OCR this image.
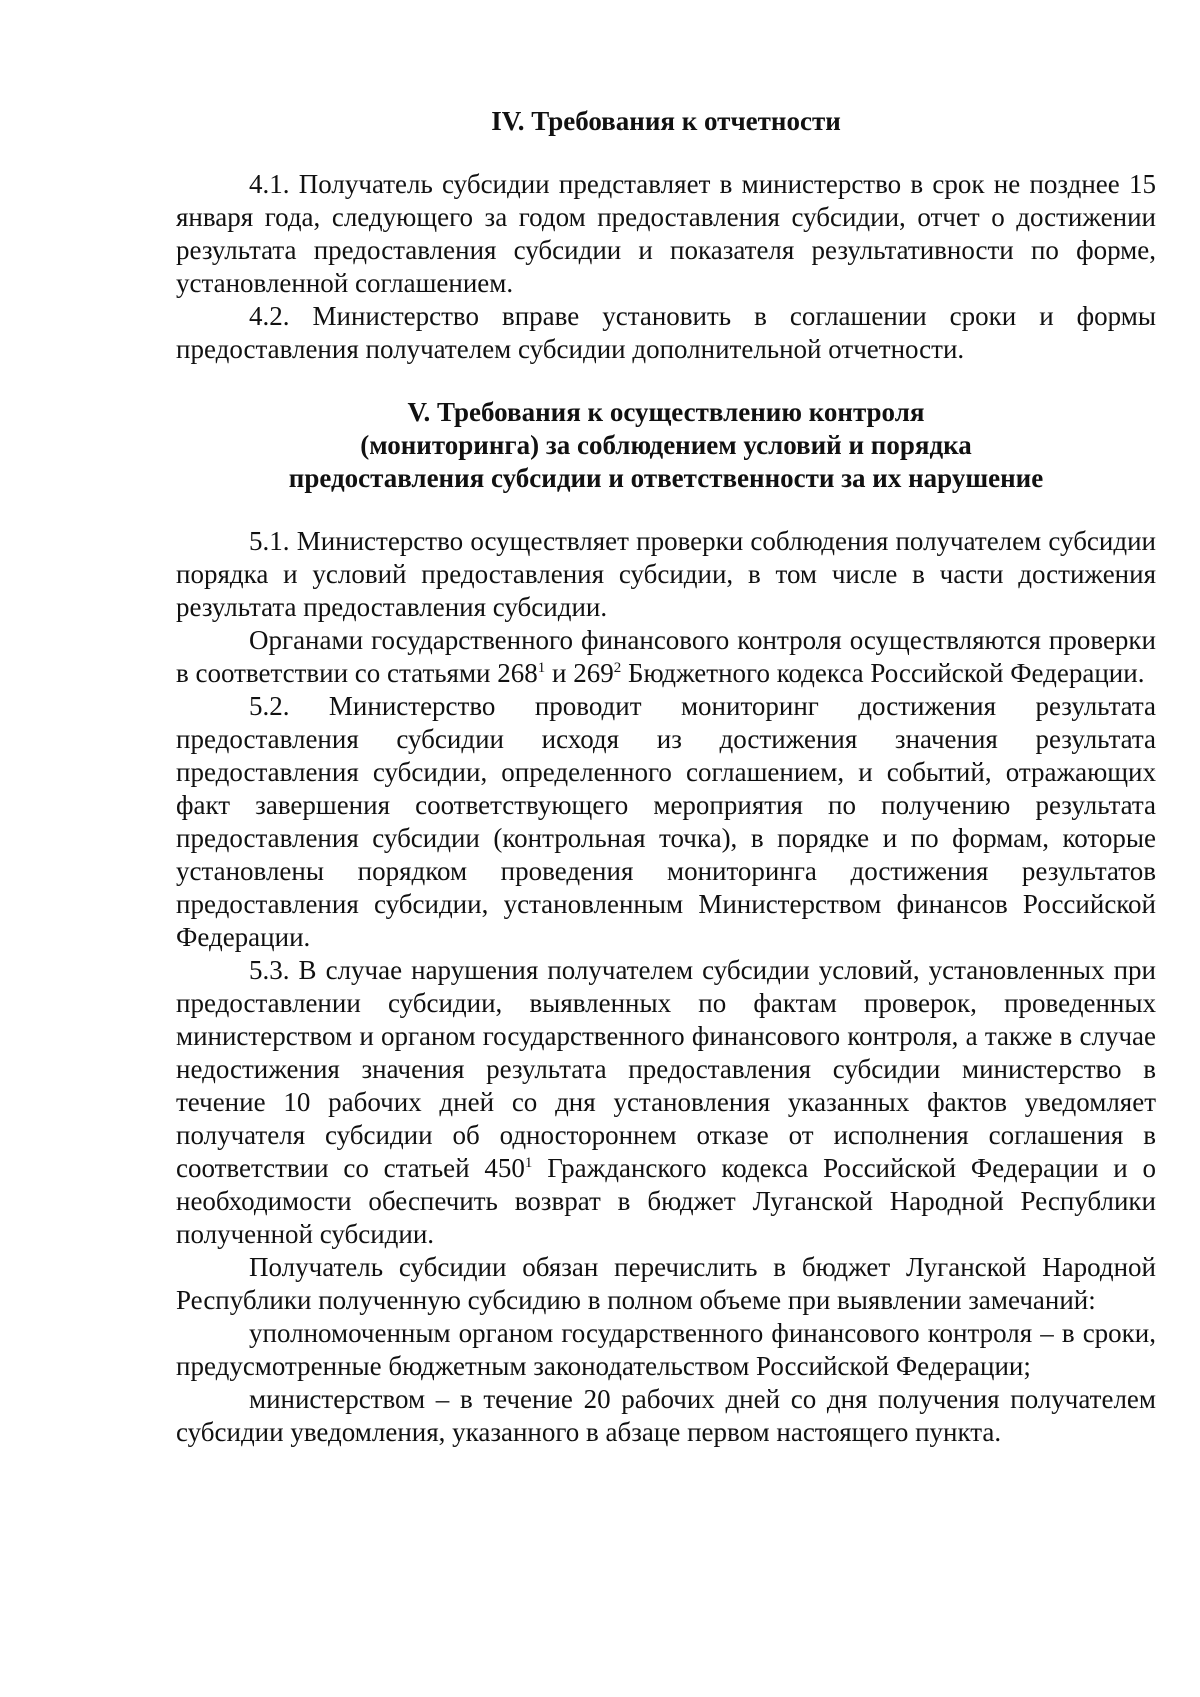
IV. Требования к отчетности

4.1. Получатель субсидии представляет в министерство в срок не позднее 15 января года, следующего за годом предоставления субсидии, отчет о достижении результата предоставления субсидии и показателя результативности по форме, установленной соглашением.

4.2. Министерство вправе установить в соглашении сроки и формы предоставления получателем субсидии дополнительной отчетности.

V. Требования к осуществлению контроля
(мониторинга) за соблюдением условий и порядка
предоставления субсидии и ответственности за их нарушение

5.1. Министерство осуществляет проверки соблюдения получателем субсидии порядка и условий предоставления субсидии, в том числе в части достижения результата предоставления субсидии.

Органами государственного финансового контроля осуществляются проверки в соответствии со статьями $268^1$ и $269^2$ Бюджетного кодекса Российской Федерации.

5.2. Министерство проводит мониторинг достижения результата предоставления субсидии исходя из достижения значения результата предоставления субсидии, определенного соглашением, и событий, отражающих факт завершения соответствующего мероприятия по получению результата предоставления субсидии (контрольная точка), в порядке и по формам, которые установлены порядком проведения мониторинга достижения результатов предоставления субсидии, установленным Министерством финансов Российской Федерации.

5.3. В случае нарушения получателем субсидии условий, установленных при предоставлении субсидии, выявленных по фактам проверок, проведенных министерством и органом государственного финансового контроля, а также в случае недостижения значения результата предоставления субсидии министерство в течение 10 рабочих дней со дня установления указанных фактов уведомляет получателя субсидии об одностороннем отказе от исполнения соглашения в соответствии со статьей $450^1$ Гражданского кодекса Российской Федерации и о необходимости обеспечить возврат в бюджет Луганской Народной Республики полученной субсидии.

Получатель субсидии обязан перечислить в бюджет Луганской Народной Республики полученную субсидию в полном объеме при выявлении замечаний:

уполномоченным органом государственного финансового контроля – в сроки, предусмотренные бюджетным законодательством Российской Федерации;

министерством – в течение 20 рабочих дней со дня получения получателем субсидии уведомления, указанного в абзаце первом настоящего пункта.
